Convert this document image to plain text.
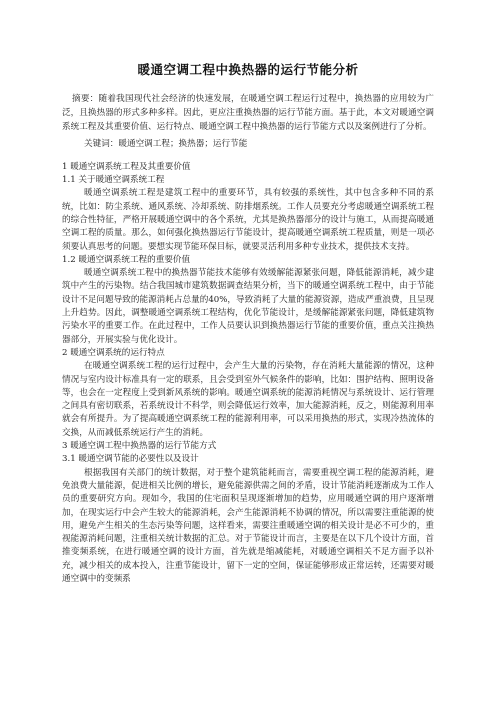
暖通空调工程中换热器的运行节能分析

摘要：随着我国现代社会经济的快速发展，在暖通空调工程运行过程中，换热器的应用较为广泛，且换热器的形式多种多样。因此，更应注重换热器的运行节能方面。基于此，本文对暖通空调系统工程及其重要价值、运行特点、暖通空调工程中换热器的运行节能方式以及案例进行了分析。

关键词：暖通空调工程；换热器；运行节能

1 暖通空调系统工程及其重要价值

1.1 关于暖通空调系统工程

暖通空调系统工程是建筑工程中的重要环节，具有较强的系统性，其中包含多种不同的系统，比如：防尘系统、通风系统、冷却系统、防排烟系统。工作人员要充分考虑暖通空调系统工程的综合性特征，严格开展暖通空调中的各个系统，尤其是换热器部分的设计与施工，从而提高暖通空调工程的质量。那么，如何强化换热器运行节能设计，提高暖通空调系统工程质量，则是一项必须要认真思考的问题。要想实现节能环保目标，就要灵活利用多种专业技术，提供技术支持。

1.2 暖通空调系统工程的重要价值

暖通空调系统工程中的换热器节能技术能够有效缓解能源紧张问题，降低能源消耗，减少建筑中产生的污染物。结合我国城市建筑数据调查结果分析，当下的暖通空调系统工程中，由于节能设计不足问题导致的能源消耗占总量的40%，导致消耗了大量的能源资源，造成严重浪费，且呈现上升趋势。因此，调整暖通空调系统工程结构，优化节能设计，是缓解能源紧张问题，降低建筑物污染水平的重要工作。在此过程中，工作人员要认识到换热器运行节能的重要价值，重点关注换热器部分，开展实验与优化设计。

2 暖通空调系统的运行特点

在暖通空调系统工程的运行过程中，会产生大量的污染物，存在消耗大量能源的情况，这种情况与室内设计标准具有一定的联系，且会受到室外气候条件的影响，比如：围护结构、照明设备等，也会在一定程度上受到新风系统的影响。暖通空调系统的能源消耗情况与系统设计、运行管理之间具有密切联系，若系统设计不科学，则会降低运行效率，加大能源消耗，反之，则能源利用率就会有所提升。为了提高暖通空调系统工程的能源利用率，可以采用换热的形式，实现冷热流体的交换，从而减低系统运行产生的消耗。

3 暖通空调工程中换热器的运行节能方式

3.1 暖通空调节能的必要性以及设计

根据我国有关部门的统计数据，对于整个建筑能耗而言，需要重视空调工程的能源消耗，避免浪费大量能源，促进相关比例的增长，避免能源供需之间的矛盾，设计节能消耗逐渐成为工作人员的重要研究方向。现如今，我国的住宅面积呈现逐渐增加的趋势，应用暖通空调的用户逐渐增加，在现实运行中会产生较大的能源消耗，会产生能源消耗不协调的情况，所以需要注重能源的使用，避免产生相关的生态污染等问题，这样看来，需要注重暖通空调的相关设计是必不可少的，重视能源消耗问题，注重相关统计数据的汇总。对于节能设计而言，主要是在以下几个设计方面，首推变频系统，在进行暖通空调的设计方面，首先就是缩减能耗，对暖通空调相关不足方面予以补充，减少相关的成本投入，注重节能设计，留下一定的空间，保证能够形成正常运转，还需要对暖通空调中的变频系
